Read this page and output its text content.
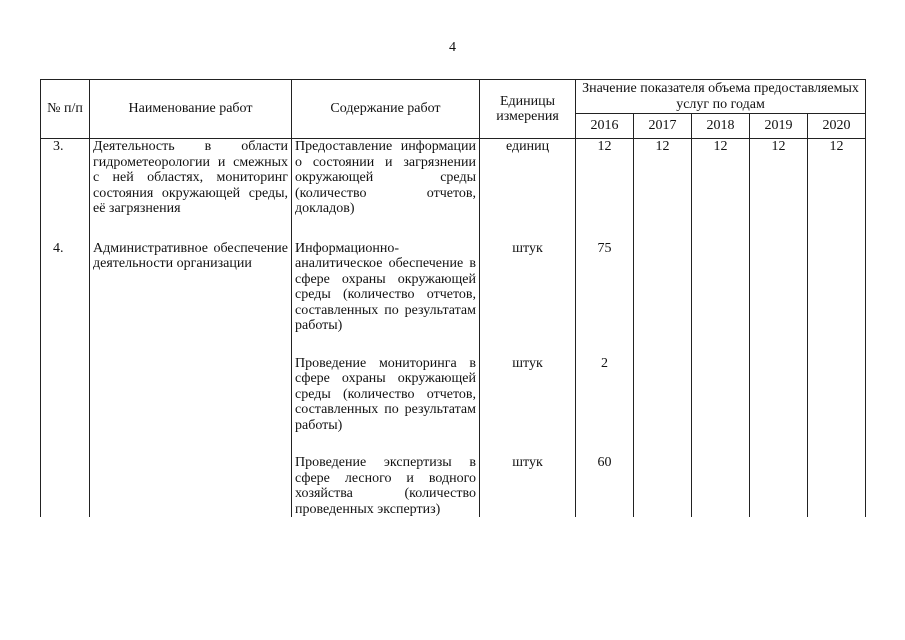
4
№ п/п	Наименование работ	Содержание работ	Единицы измерения	Значение показателя объема предоставляемых услуг по годам				
				2016	2017	2018	2019	2020
3.	Деятельность в области гидрометеорологии и смежных с ней областях, мониторинг состояния окружающей среды, её загрязнения	Предоставление информации о состоянии и загрязнении окружающей среды (количество отчетов, докладов)	единиц	12	12	12	12	12

4.	Административное обеспечение деятельности организации	Информационно-аналитическое обеспечение в сфере охраны окружающей среды (количество отчетов, составленных по результатам работы)	штук	75				

		Проведение мониторинга в сфере охраны окружающей среды (количество отчетов, составленных по результатам работы)	штук	2				

		Проведение экспертизы в сфере лесного и водного хозяйства (количество проведенных экспертиз)	штук	60				
